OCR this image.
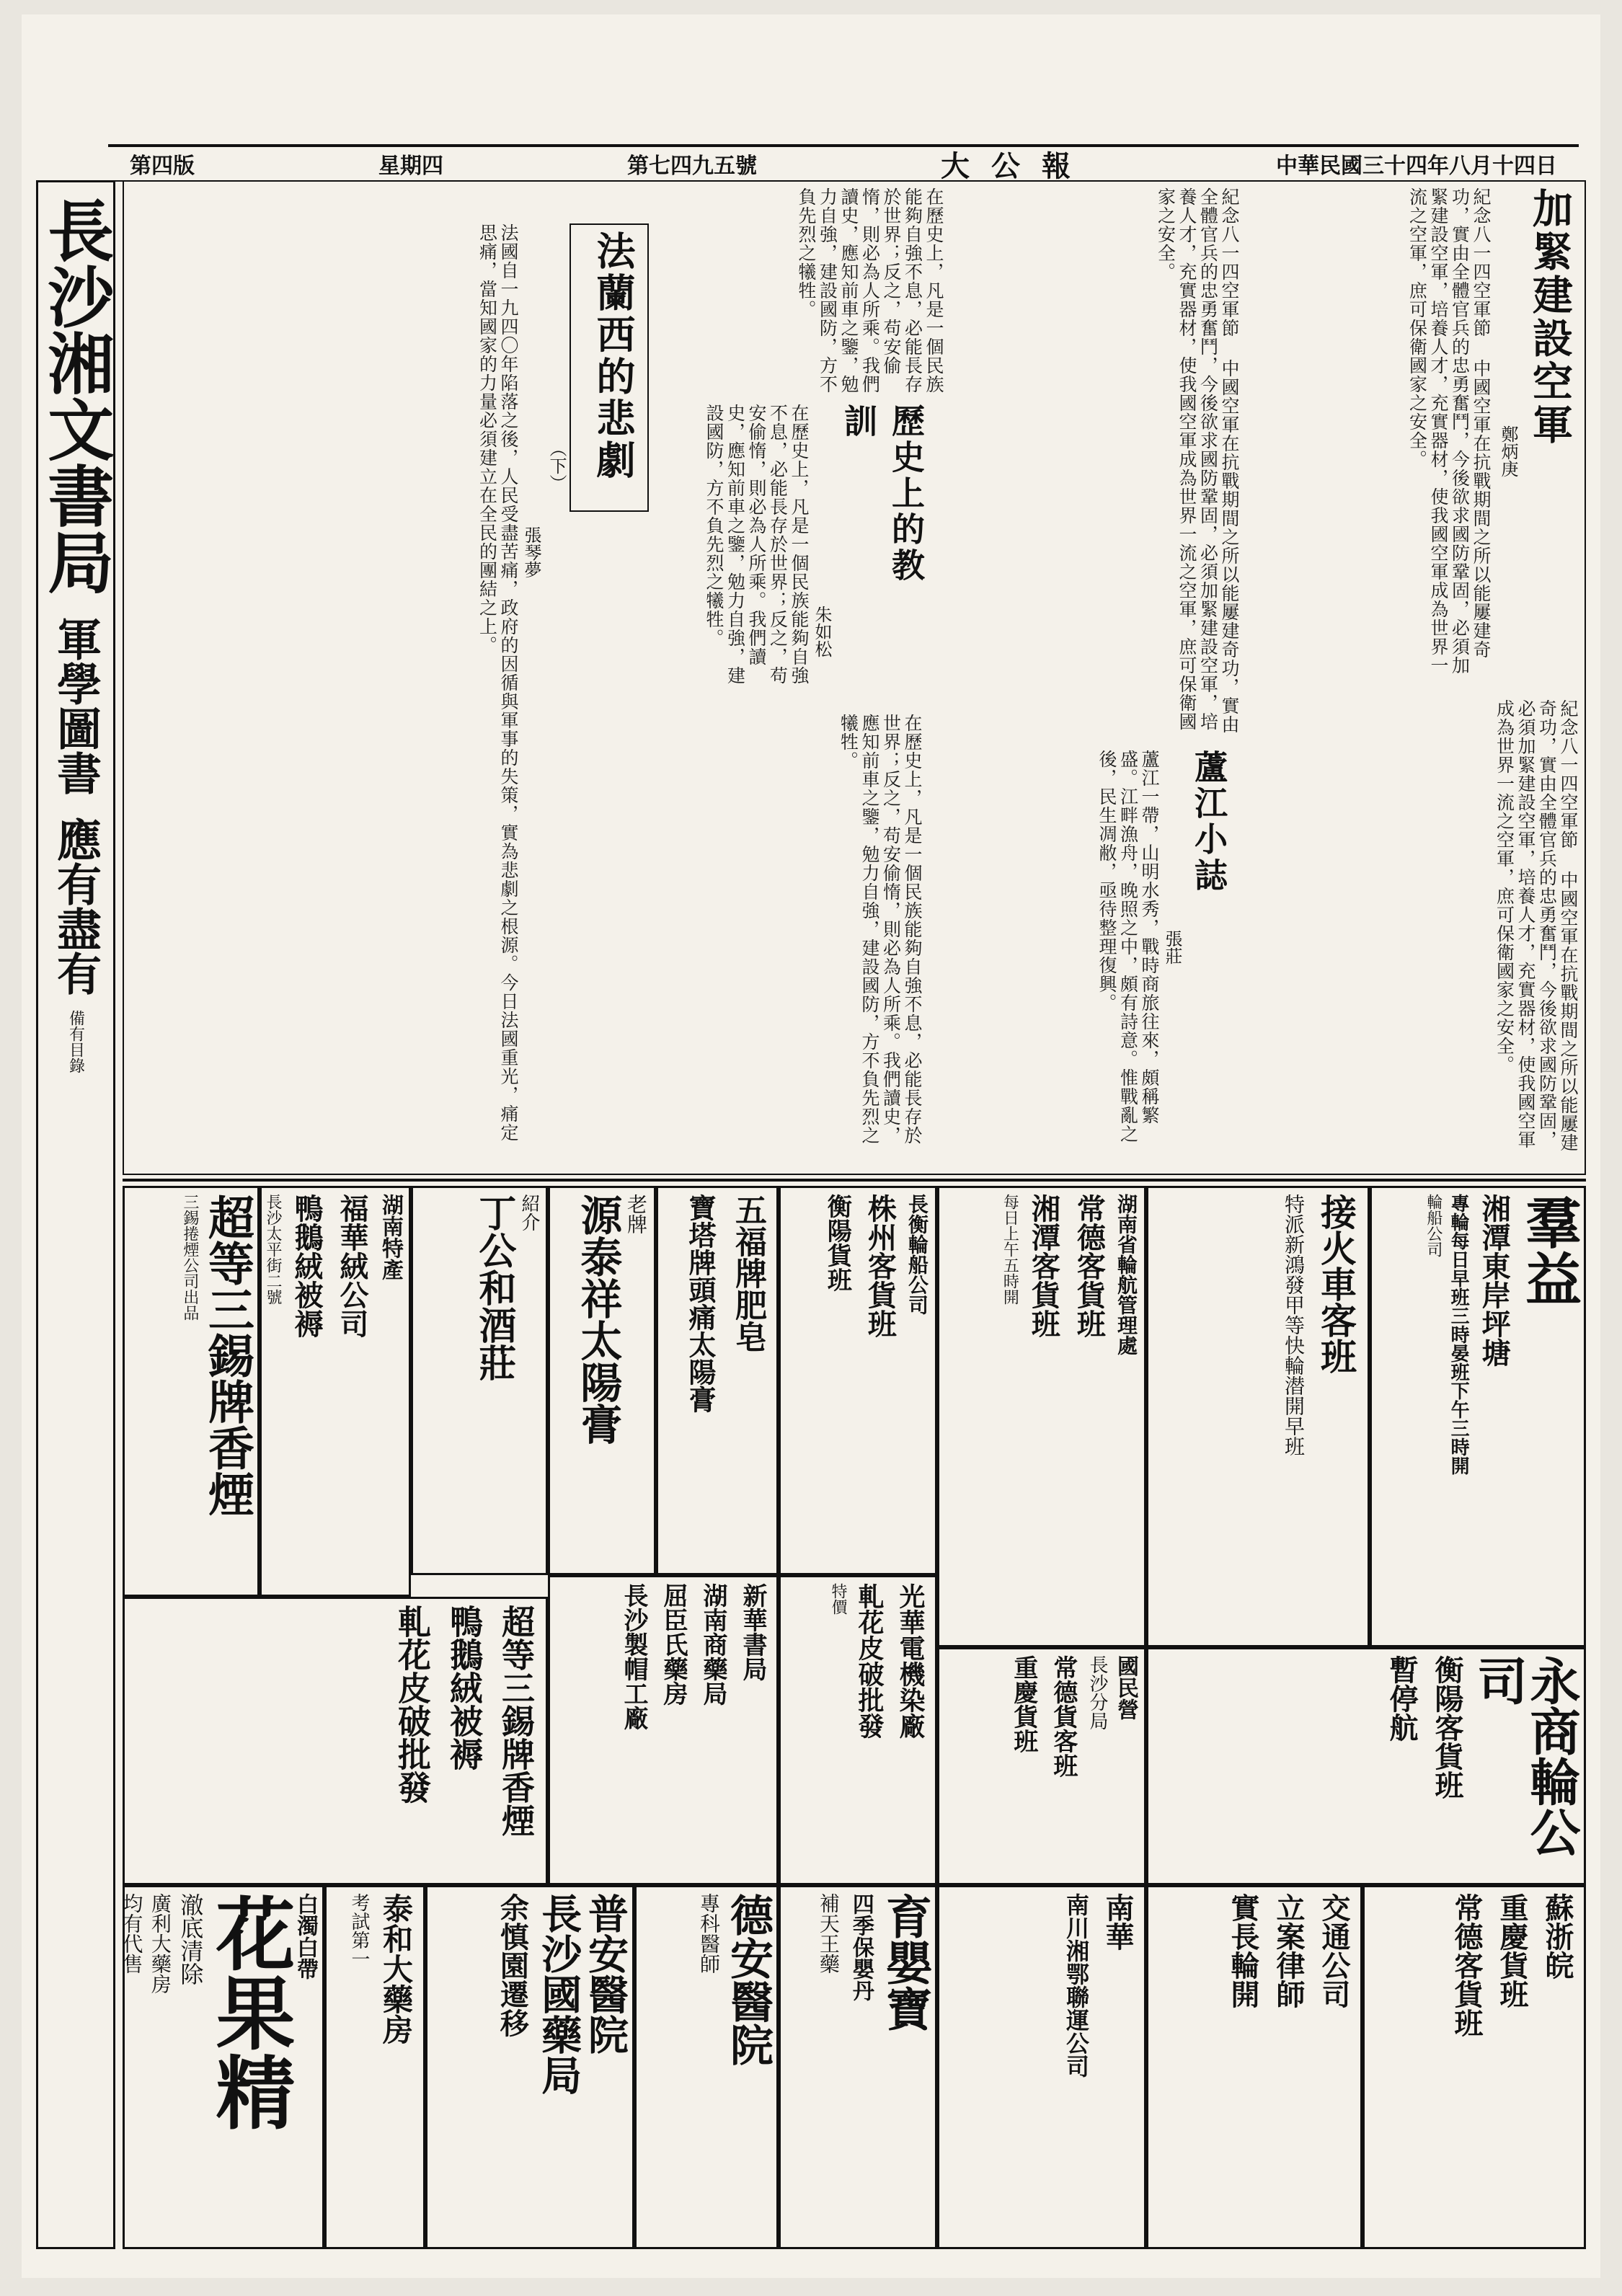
第四版	星期四	第七四九五號	大公報	中華民國三十四年八月十四日
長沙
湘文書局
軍學圖書
應有盡有
備有目錄
加緊建設空軍
鄭炳庚
紀念八一四空軍節 中國空軍在抗戰期間之所以能屢建奇功，實由全體官兵的忠勇奮鬥，今後欲求國防鞏固，必須加緊建設空軍，培養人才，充實器材，使我國空軍成為世界一流之空軍，庶可保衛國家之安全。
歷史上的教訓
朱如松
在歷史上，凡是一個民族能夠自強不息，必能長存於世界；反之，苟安偷惰，則必為人所乘。我們讀史，應知前車之鑒，勉力自強，建設國防，方不負先烈之犧牲。
法蘭西的悲劇
（下）
張琴夢
法國自一九四〇年陷落之後，人民受盡苦痛，政府的因循與軍事的失策，實為悲劇之根源。今日法國重光，痛定思痛，當知國家的力量必須建立在全民的團結之上。
蘆江小誌
張莊
蘆江一帶，山明水秀，戰時商旅往來，頗稱繁盛。江畔漁舟，晚照之中，頗有詩意。惟戰亂之後，民生凋敝，亟待整理復興。
紀念八一四空軍節 中國空軍在抗戰期間之所以能屢建奇功，實由全體官兵的忠勇奮鬥，今後欲求國防鞏固，必須加緊建設空軍，培養人才，充實器材，使我國空軍成為世界一流之空軍，庶可保衛國家之安全。
在歷史上，凡是一個民族能夠自強不息，必能長存於世界；反之，苟安偷惰，則必為人所乘。我們讀史，應知前車之鑒，勉力自強，建設國防，方不負先烈之犧牲。	紀念八一四空軍節 中國空軍在抗戰期間之所以能屢建奇功，實由全體官兵的忠勇奮鬥，今後欲求國防鞏固，必須加緊建設空軍，培養人才，充實器材，使我國空軍成為世界一流之空軍，庶可保衛國家之安全。
在歷史上，凡是一個民族能夠自強不息，必能長存於世界；反之，苟安偷惰，則必為人所乘。我們讀史，應知前車之鑒，勉力自強，建設國防，方不負先烈之犧牲。
羣益
湘潭東岸坪塘
專輪每日早班三時晏班下午三時開
輪船公司
接火車客班
特派新鴻發甲等快輪潜開早班
湖南省輪航管理處
常德客貨班
湘潭客貨班
每日上午五時開
長衡輪船公司
株州客貨班
衡陽貨班
五福牌肥皂
寶塔牌頭痛太陽膏
老牌
源泰祥太陽膏
紹介
丁公和酒莊
湖南特產
福華絨公司
鴨鵝絨被褥
長沙太平街二號
超等三錫牌香煙
三錫捲煙公司出品
光華電機染廠
軋花皮破批發
特價
新華書局
湖南商藥局
屈臣氏藥房
長沙製帽工廠	國民營
長沙分局
常德貨客班
重慶貨班	永商輪公司
衡陽客貨班
暫停航
南華
南川湘鄂聯運公司	交通公司
立案律師
實長輪開	蘇浙皖
重慶貨班
常德客貨班
育嬰寶
四季保嬰丹
補天王藥
德安醫院
專科醫師
普安醫院
長沙國藥局
余慎園遷移
泰和大藥房
考試第一
白濁白帶
花果精
澈底清除
廣利大藥房
均有代售
超等三錫牌香煙
鴨鵝絨被褥
軋花皮破批發
